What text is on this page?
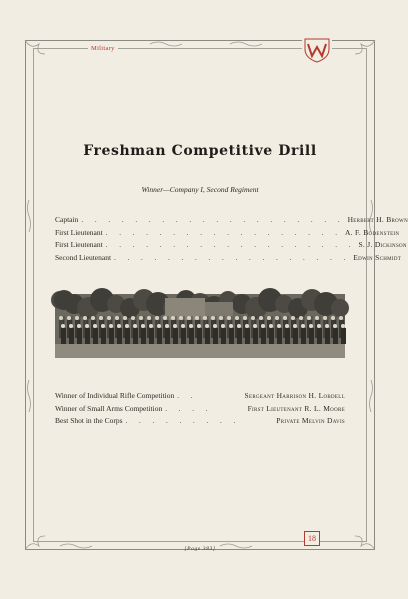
Military
Freshman Competitive Drill
Winner—Company I, Second Regiment
Captain . . . . . . . . . . . . . . . . . . . . Herbert H. Brown
First Lieutenant . . . . . . . . . . . . . . . . . . A. F. Bodenstein
First Lieutenant . . . . . . . . . . . . . . . . . . . S. J. Dickinson
Second Lieutenant . . . . . . . . . . . . . . . . . . Edwin Schmidt
Winner of Individual Rifle Competition . .	Sergeant Harrison H. Lobdell
Winner of Small Arms Competition . . . .	First Lieutenant R. L. Moore
Best Shot in the Corps . . . . . . . . .	Private Melvin Davis
18
[Page 383]
